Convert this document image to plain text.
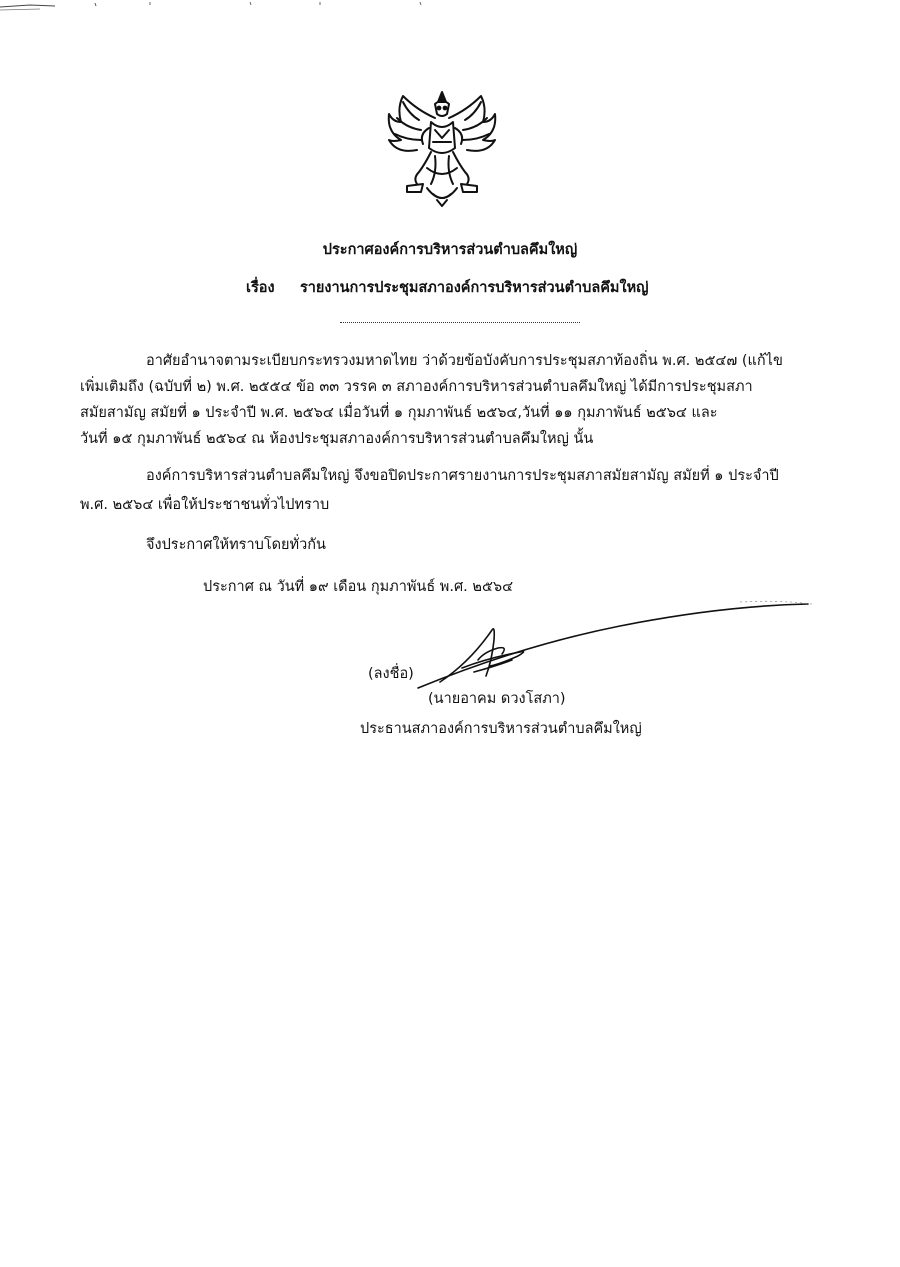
ประกาศองค์การบริหารส่วนตำบลคึมใหญ่
เรื่อง รายงานการประชุมสภาองค์การบริหารส่วนตำบลคึมใหญ่
อาศัยอำนาจตามระเบียบกระทรวงมหาดไทย ว่าด้วยข้อบังคับการประชุมสภาท้องถิ่น พ.ศ. ๒๕๔๗ (แก้ไข
เพิ่มเติมถึง (ฉบับที่ ๒) พ.ศ. ๒๕๕๔ ข้อ ๓๓ วรรค ๓ สภาองค์การบริหารส่วนตำบลคึมใหญ่ ได้มีการประชุมสภา
สมัยสามัญ สมัยที่ ๑ ประจำปี พ.ศ. ๒๕๖๔ เมื่อวันที่ ๑ กุมภาพันธ์ ๒๕๖๔,วันที่ ๑๑ กุมภาพันธ์ ๒๕๖๔ และ
วันที่ ๑๕ กุมภาพันธ์ ๒๕๖๔ ณ ห้องประชุมสภาองค์การบริหารส่วนตำบลคึมใหญ่ นั้น
องค์การบริหารส่วนตำบลคึมใหญ่ จึงขอปิดประกาศรายงานการประชุมสภาสมัยสามัญ สมัยที่ ๑ ประจำปี
พ.ศ. ๒๕๖๔ เพื่อให้ประชาชนทั่วไปทราบ
จึงประกาศให้ทราบโดยทั่วกัน
ประกาศ ณ วันที่ ๑๙ เดือน กุมภาพันธ์ พ.ศ. ๒๕๖๔
(ลงชื่อ)
(นายอาคม ดวงโสภา)
ประธานสภาองค์การบริหารส่วนตำบลคึมใหญ่
